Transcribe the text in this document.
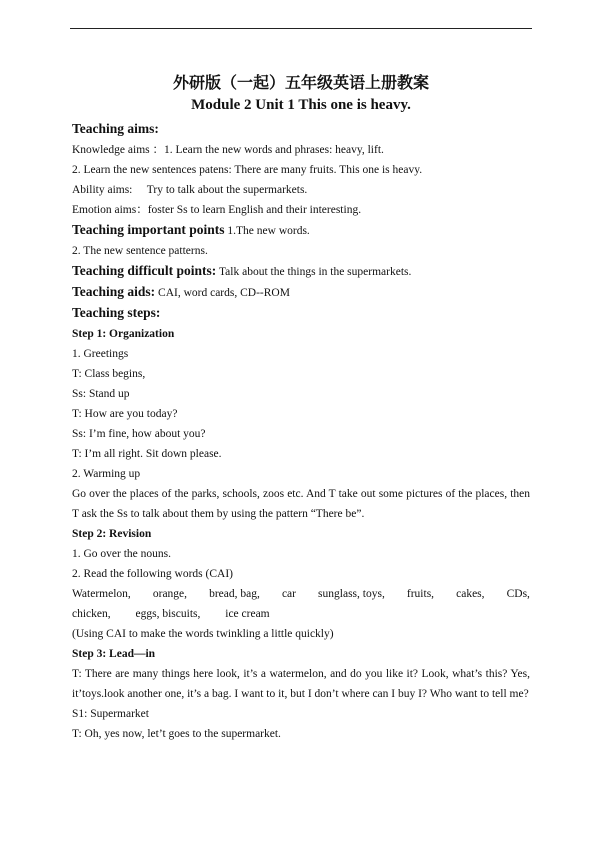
外研版（一起）五年级英语上册教案
Module 2 Unit 1 This one is heavy.
Teaching aims:
Knowledge aims ：1. Learn the new words and phrases: heavy, lift.
2. Learn the new sentences patens: There are many fruits. This one is heavy.
Ability aims: Try to talk about the supermarkets.
Emotion aims：foster Ss to learn English and their interesting.
Teaching important points 1.The new words.
2. The new sentence patterns.
Teaching difficult points: Talk about the things in the supermarkets.
Teaching aids: CAI, word cards, CD--ROM
Teaching steps:
Step 1: Organization
1. Greetings
T: Class begins,
Ss: Stand up
T: How are you today?
Ss: I’m fine, how about you?
T: I’m all right. Sit down please.
2. Warming up
Go over the places of the parks, schools, zoos etc. And T take out some pictures of the places, then T ask the Ss to talk about them by using the pattern “There be”.
Step 2: Revision
1. Go over the nouns.
2. Read the following words (CAI)
Watermelon, orange, bread, bag, car sunglass, toys, fruits, cakes, CDs,
chicken, eggs, biscuits, ice cream
(Using CAI to make the words twinkling a little quickly)
Step 3: Lead—in
T: There are many things here look, it’s a watermelon, and do you like it? Look, what’s this? Yes, it’toys.look another one, it’s a bag. I want to it, but I don’t where can I buy I? Who want to tell me?
S1: Supermarket
T: Oh, yes now, let’t goes to the supermarket.
